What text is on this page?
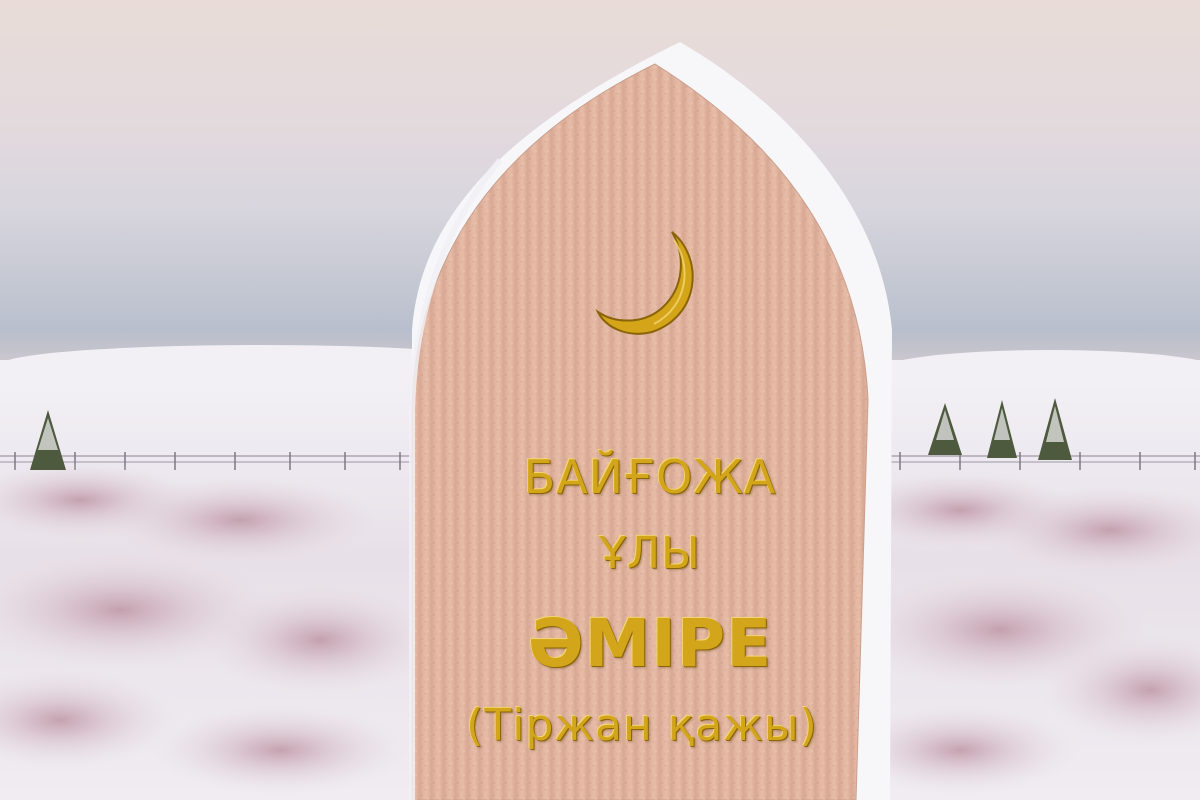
БАЙҒОЖА
ҰЛЫ
ӘМІРЕ
(Тіржан қажы)
